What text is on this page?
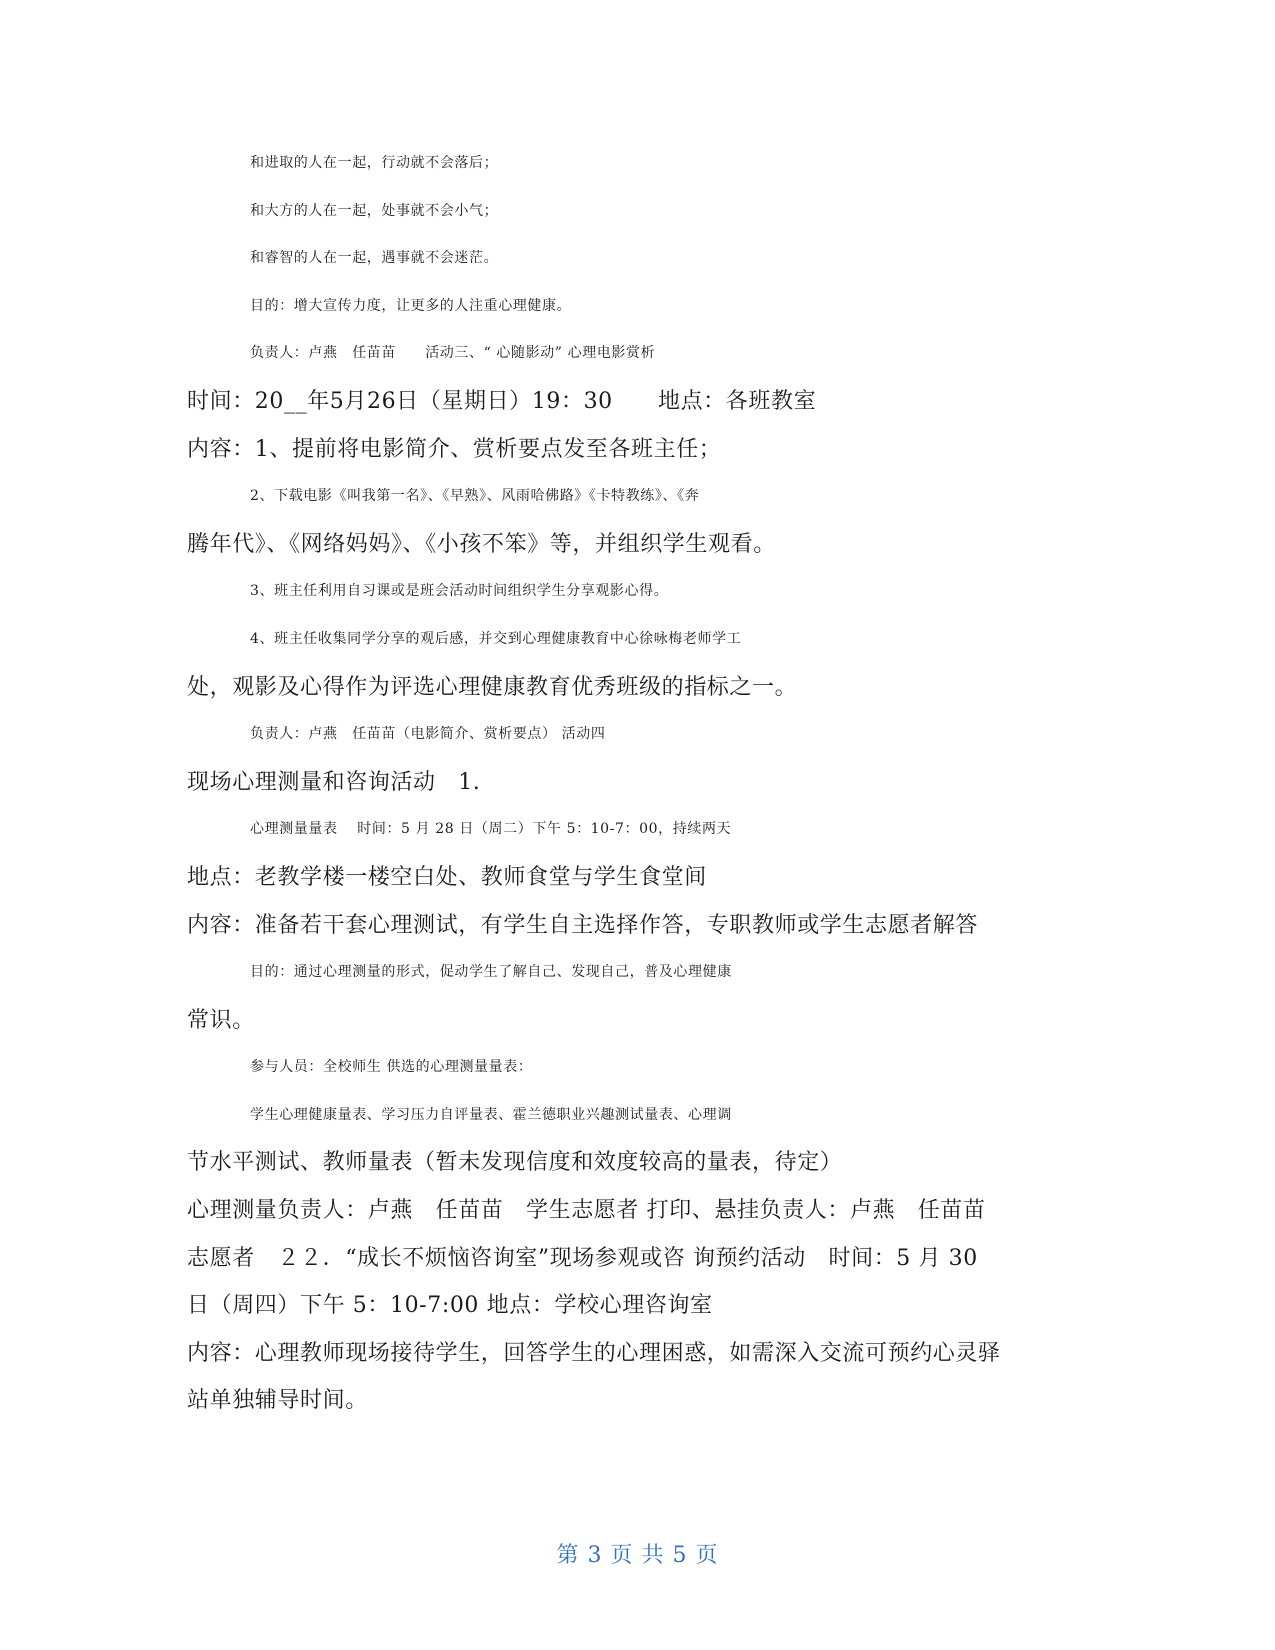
和进取的人在一起，行动就不会落后；
和大方的人在一起，处事就不会小气；
和睿智的人在一起，遇事就不会迷茫。
目的：增大宣传力度，让更多的人注重心理健康。
负责人：卢燕　任苗苗　　活动三、“ 心随影动” 心理电影赏析
时间：20__年5月26日（星期日）19：30　　地点：各班教室
内容：1、提前将电影简介、赏析要点发至各班主任；
2、下载电影《叫我第一名》、《早熟》、风雨哈佛路》《卡特教练》、《奔
腾年代》、《网络妈妈》、《小孩不笨》等，并组织学生观看。
3、班主任利用自习课或是班会活动时间组织学生分享观影心得。
4、班主任收集同学分享的观后感，并交到心理健康教育中心徐咏梅老师学工
处，观影及心得作为评选心理健康教育优秀班级的指标之一。
负责人：卢燕　任苗苗（电影简介、赏析要点） 活动四
现场心理测量和咨询活动　1.
心理测量量表　 时间：5 月 28 日（周二）下午 5：10-7：00，持续两天
地点：老教学楼一楼空白处、教师食堂与学生食堂间
内容：准备若干套心理测试，有学生自主选择作答，专职教师或学生志愿者解答
目的：通过心理测量的形式，促动学生了解自己、发现自己，普及心理健康
常识。
参与人员：全校师生 供选的心理测量量表：
学生心理健康量表、学习压力自评量表、霍兰德职业兴趣测试量表、心理调
节水平测试、教师量表（暂未发现信度和效度较高的量表，待定）
心理测量负责人：卢燕　任苗苗　学生志愿者 打印、悬挂负责人：卢燕　任苗苗
志愿者　２２．“成长不烦恼咨询室”现场参观或咨 询预约活动　时间：5 月 30
日（周四）下午 5：10-7:00 地点：学校心理咨询室
内容：心理教师现场接待学生，回答学生的心理困惑，如需深入交流可预约心灵驿
站单独辅导时间。
第 3 页 共 5 页
